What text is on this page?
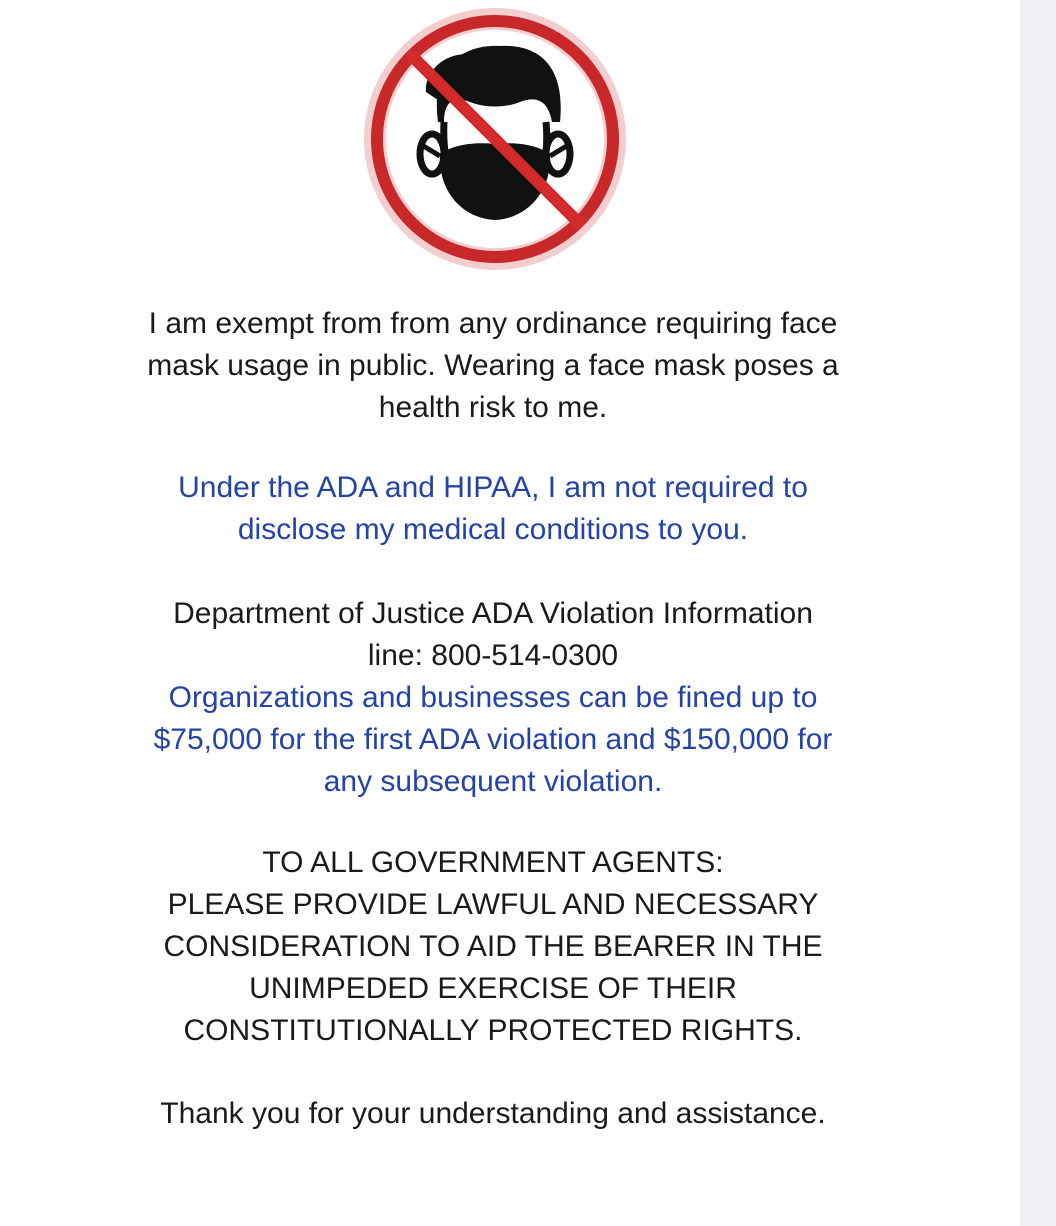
I am exempt from from any ordinance requiring face
mask usage in public. Wearing a face mask poses a
health risk to me.

Under the ADA and HIPAA, I am not required to
disclose my medical conditions to you.

Department of Justice ADA Violation Information
line: 800-514-0300

Organizations and businesses can be fined up to
$75,000 for the first ADA violation and $150,000 for
any subsequent violation.

TO ALL GOVERNMENT AGENTS:
PLEASE PROVIDE LAWFUL AND NECESSARY
CONSIDERATION TO AID THE BEARER IN THE
UNIMPEDED EXERCISE OF THEIR
CONSTITUTIONALLY PROTECTED RIGHTS.

Thank you for your understanding and assistance.
